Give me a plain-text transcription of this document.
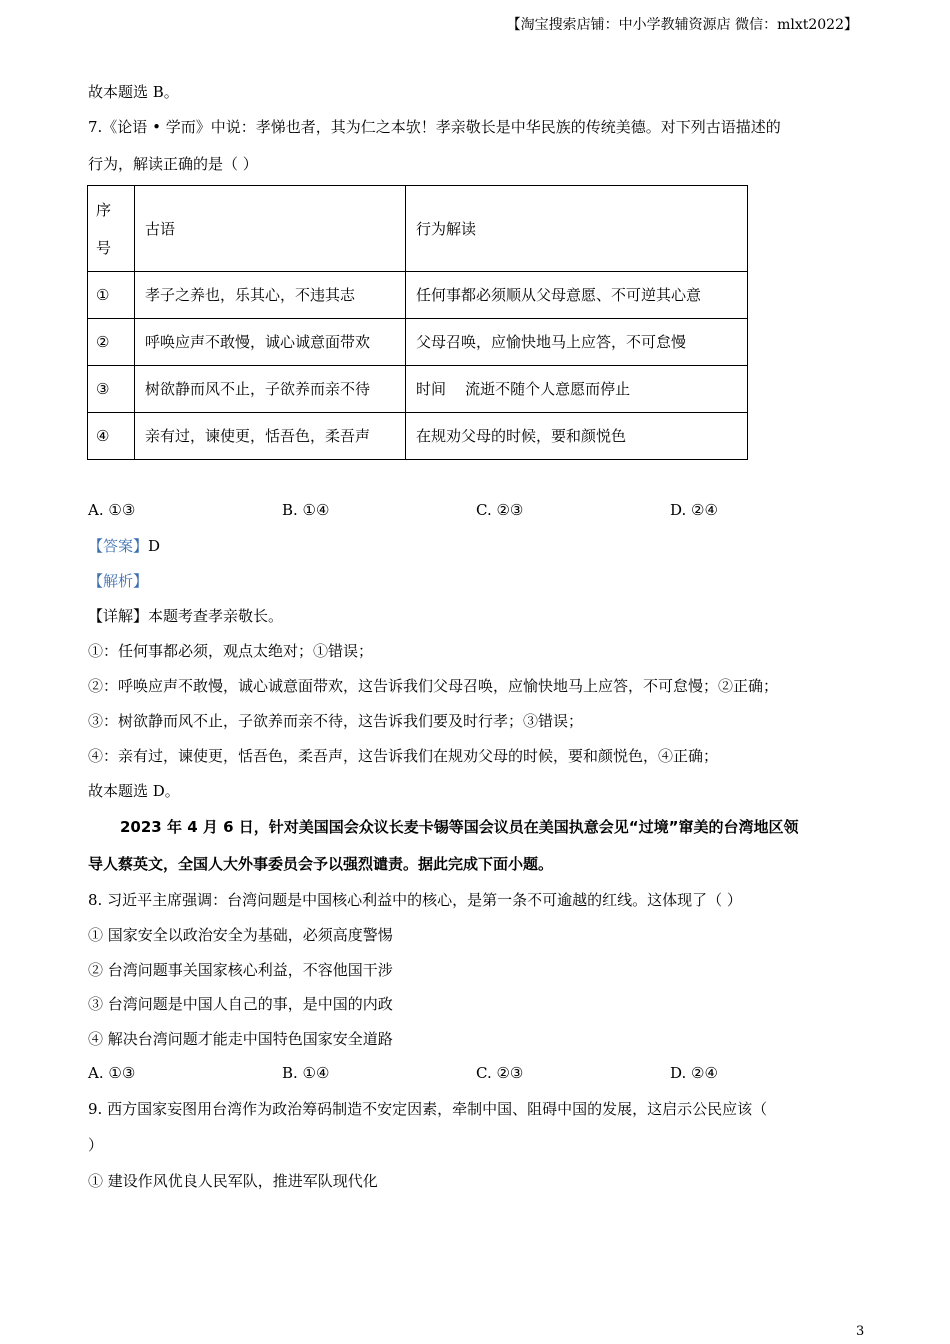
【淘宝搜索店铺：中小学教辅资源店 微信：mlxt2022】
故本题选 B。
7.《论语 • 学而》中说：孝悌也者，其为仁之本欤！孝亲敬长是中华民族的传统美德。对下列古语描述的
行为，解读正确的是（ ）
序
号	古语	行为解读
①	孝子之养也，乐其心，不违其志	任何事都必须顺从父母意愿、不可逆其心意
②	呼唤应声不敢慢，诚心诚意面带欢	父母召唤，应愉快地马上应答，不可怠慢
③	树欲静而风不止，子欲养而亲不待	时间    流逝不随个人意愿而停止
④	亲有过，谏使更，恬吾色，柔吾声	在规劝父母的时候，要和颜悦色
A. ①③	B. ①④	C. ②③	D. ②④
【答案】D
【解析】
【详解】本题考查孝亲敬长。
①：任何事都必须，观点太绝对；①错误；
②：呼唤应声不敢慢，诚心诚意面带欢，这告诉我们父母召唤，应愉快地马上应答，不可怠慢；②正确；
③：树欲静而风不止，子欲养而亲不待，这告诉我们要及时行孝；③错误；
④：亲有过，谏使更，恬吾色，柔吾声，这告诉我们在规劝父母的时候，要和颜悦色，④正确；
故本题选 D。
2023 年 4 月 6 日，针对美国国会众议长麦卡锡等国会议员在美国执意会见“过境”窜美的台湾地区领
导人蔡英文，全国人大外事委员会予以强烈谴责。据此完成下面小题。
8. 习近平主席强调：台湾问题是中国核心利益中的核心，是第一条不可逾越的红线。这体现了（ ）
① 国家安全以政治安全为基础，必须高度警惕
② 台湾问题事关国家核心利益，不容他国干涉
③ 台湾问题是中国人自己的事，是中国的内政
④ 解决台湾问题才能走中国特色国家安全道路
A. ①③	B. ①④	C. ②③	D. ②④
9. 西方国家妄图用台湾作为政治筹码制造不安定因素，牵制中国、阻碍中国的发展，这启示公民应该（
）
① 建设作风优良人民军队，推进军队现代化
3
